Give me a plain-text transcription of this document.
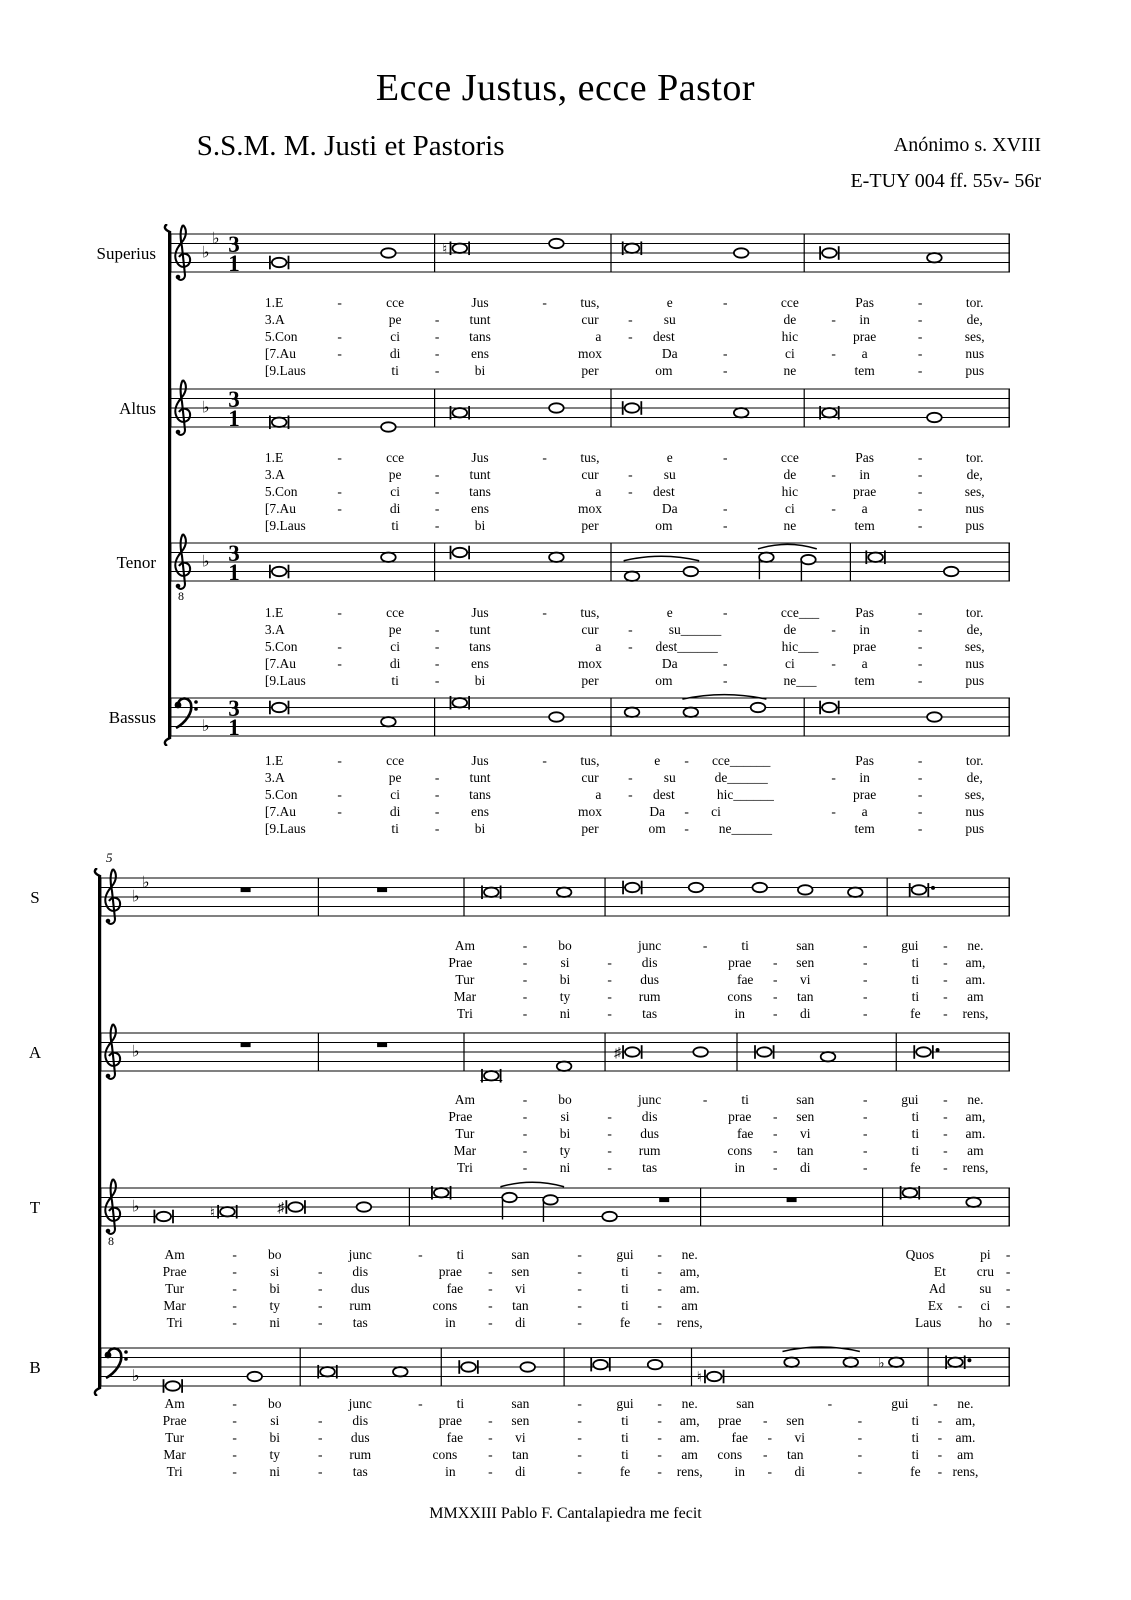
Ecce Justus, ecce Pastor
S.S.M. M. Justi et Pastoris	Anónimo s. XVIII
E-TUY 004 ff. 55v- 56r
♭
♭ 3
1
♮
Superius
1.E	-	cce	Jus	- tus,	e	-	cce	Pas	-	tor.
3.A	pe - tunt	cur - su	de	- in	-	de,
5.Con	-	ci	- tans	a - dest	hic	prae	-	ses,
[7.Au	-	di	- ens	mox	Da	-	ci	- a	-	nus
[9.Laus	ti	-	bi	per	om	-	ne	tem	-	pus
♭ 3
1
Altus
1.E	-	cce	Jus	- tus,	e	-	cce	Pas	-	tor.
3.A	pe - tunt	cur - su	de	- in	-	de,
5.Con	-	ci	- tans	a - dest	hic	prae	-	ses,
[7.Au	-	di	- ens	mox	Da	-	ci	- a	-	nus
[9.Laus	ti	-	bi	per	om	-	ne	tem	-	pus
8
♭ 3
1
Tenor
1.E	-	cce	Jus	- tus,	e	-	cce___	Pas	-	tor.
3.A	pe - tunt	cur -	su______	de	- in	-	de,
5.Con	-	ci	- tans	a - dest______	hic___	prae	-	ses,
[7.Au	-	di	- ens	mox	Da	-	ci	- a	-	nus
[9.Laus	ti	-	bi	per	om	-	ne___	tem	-	pus
♭
3
1
Bassus
1.E	-	cce	Jus	- tus,	e - cce______	Pas	-	tor.
3.A	pe - tunt	cur - su	de______	- in	-	de,
5.Con	-	ci	- tans	a - dest	hic______	prae	-	ses,
[7.Au	-	di	- ens	mox	Da - ci	- a	-	nus
[9.Laus	ti	-	bi	per	om - ne______	tem	-	pus
5
♭
♭
S
Am	- bo	junc	-	ti	san	- gui - ne.
Prae	- si	- dis	prae - sen	-	ti - am,
Tur	- bi	- dus	fae - vi	-	ti - am.
Mar	- ty	- rum	cons - tan	-	ti - am
Tri	- ni	- tas	in - di	-	fe - rens,
♭	♯
A
Am	- bo	junc	-	ti	san	- gui - ne.
Prae	- si	- dis	prae - sen	-	ti - am,
Tur	- bi	- dus	fae - vi	-	ti - am.
Mar	- ty	- rum	cons - tan	-	ti - am
Tri	- ni	- tas	in - di	-	fe - rens,
8
♭	♮	♯
T
Am	- bo	junc	-	ti	san	-	gui - ne.	Quos	pi -
Prae	- si	- dis	prae - sen	-	ti - am,	Et cru -
Tur	- bi	- dus	fae - vi	-	ti - am.	Ad	su -
Mar	- ty	- rum	cons - tan	-	ti - am	Ex - ci -
Tri	- ni	- tas	in - di	-	fe - rens,	Laus	ho -
♭	♮
♭
B
Am	- bo	junc	-	ti	san	-	gui - ne.	san	-	gui - ne.
Prae	- si	- dis	prae - sen	-	ti - am, prae - sen	-	ti - am,
Tur	- bi	- dus	fae - vi	-	ti - am. fae - vi	-	ti - am.
Mar	- ty	- rum	cons - tan	-	ti - am cons - tan	-	ti - am
Tri	- ni	- tas	in - di	-	fe - rens, in - di	-	fe - rens,
MMXXIII Pablo F. Cantalapiedra me fecit
